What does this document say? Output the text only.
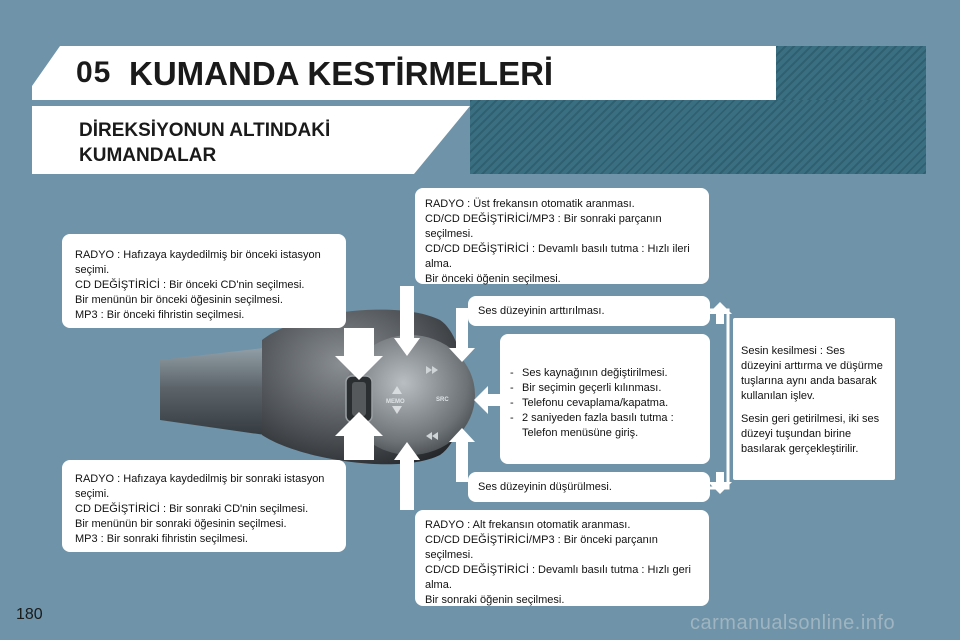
05 KUMANDA KESTİRMELERİ
DİREKSİYONUN ALTINDAKİ KUMANDALAR
MEMO	SRC

RADYO : Hafızaya kaydedilmiş bir önceki istasyon seçimi.

CD DEĞİŞTİRİCİ : Bir önceki CD'nin seçilmesi.

Bir menünün bir önceki öğesinin seçilmesi.

MP3 : Bir önceki fihristin seçilmesi.

RADYO : Hafızaya kaydedilmiş bir sonraki istasyon seçimi.

CD DEĞİŞTİRİCİ : Bir sonraki CD'nin seçilmesi.

Bir menünün bir sonraki öğesinin seçilmesi.

MP3 : Bir sonraki fihristin seçilmesi.

RADYO : Üst frekansın otomatik aranması.

CD/CD DEĞİŞTİRİCİ/MP3 : Bir sonraki parçanın seçilmesi.

CD/CD DEĞİŞTİRİCİ : Devamlı basılı tutma : Hızlı ileri alma.

Bir önceki öğenin seçilmesi.

Ses düzeyinin arttırılması.

- Ses kaynağının değiştirilmesi.
- Bir seçimin geçerli kılınması.
- Telefonu cevaplama/kapatma.
- 2 saniyeden fazla basılı tutma : Telefon menüsüne giriş.

Ses düzeyinin düşürülmesi.

RADYO : Alt frekansın otomatik aranması.

CD/CD DEĞİŞTİRİCİ/MP3 : Bir önceki parçanın seçilmesi.

CD/CD DEĞİŞTİRİCİ : Devamlı basılı tutma : Hızlı geri alma.

Bir sonraki öğenin seçilmesi.

Sesin kesilmesi : Ses düzeyini arttırma ve düşürme tuşlarına aynı anda basarak kullanılan işlev.

Sesin geri getirilmesi, iki ses düzeyi tuşundan birine basılarak gerçekleştirilir.

180	carmanualsonline.info
